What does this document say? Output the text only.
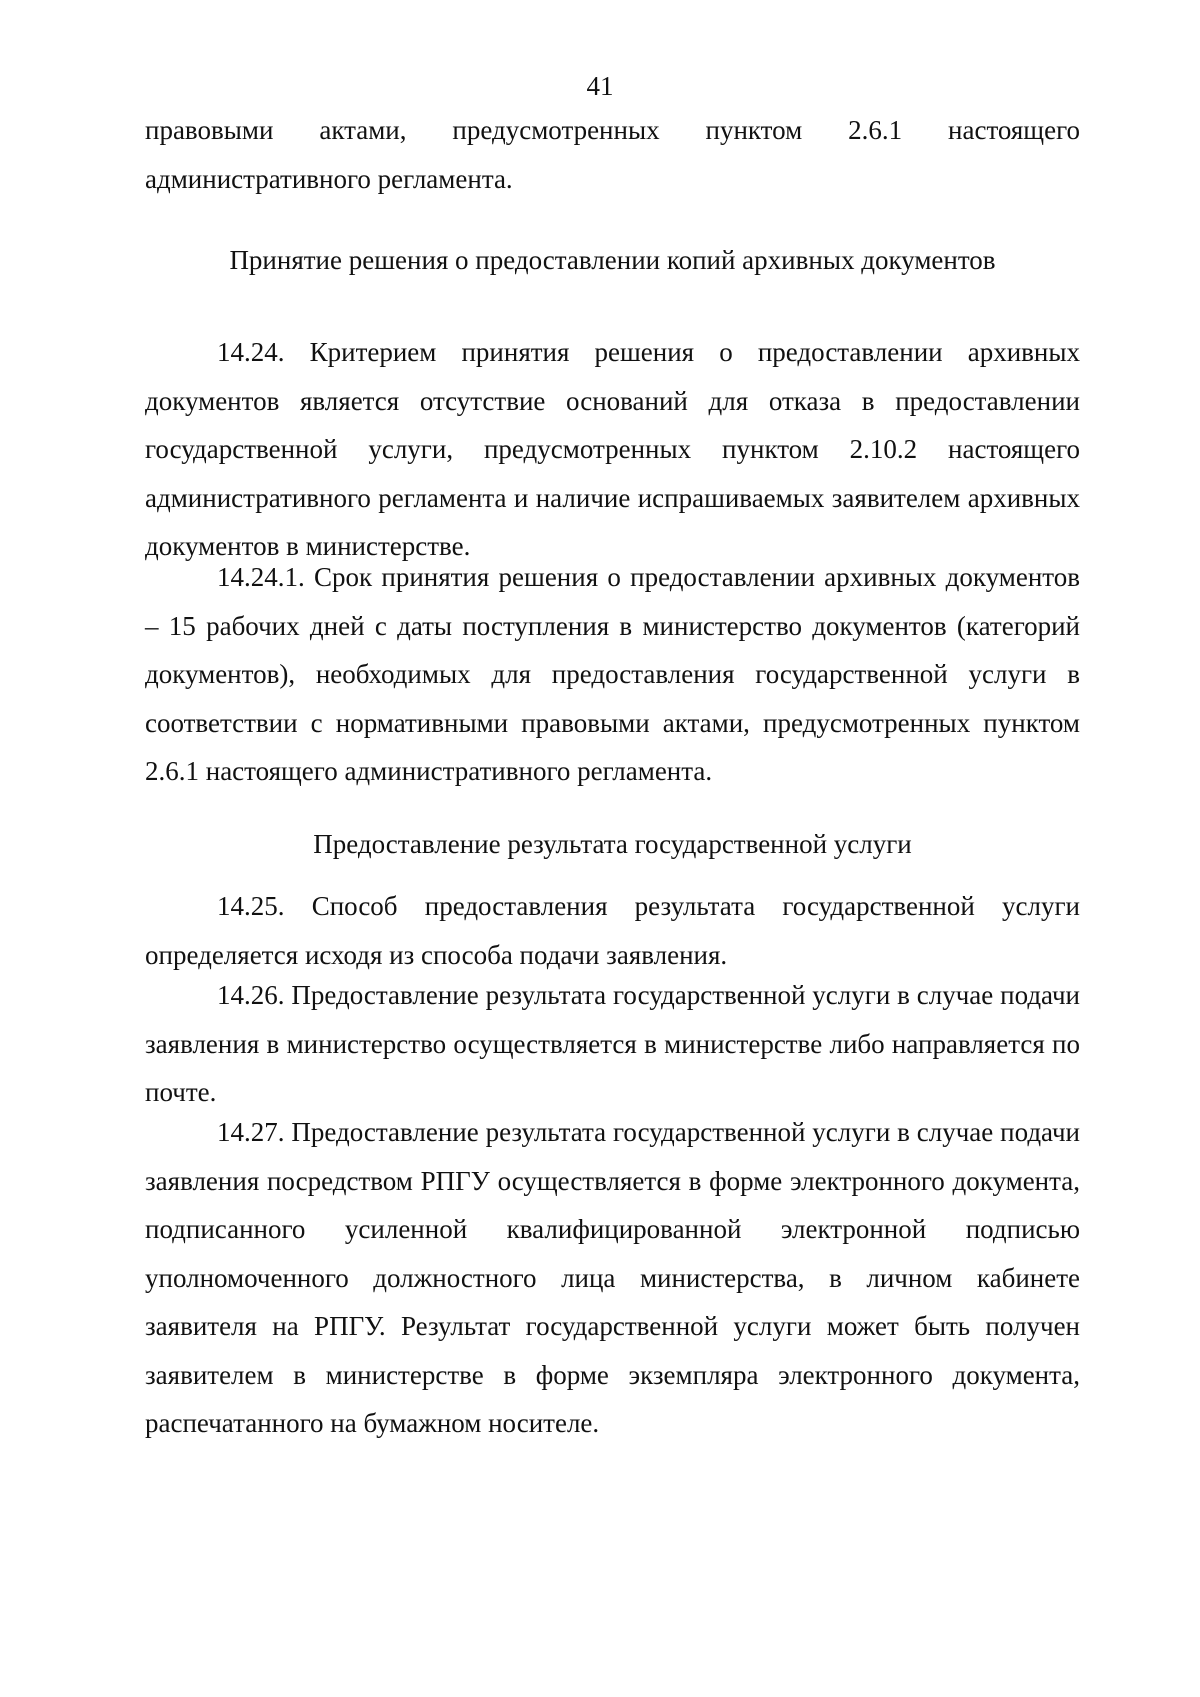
41

правовыми актами, предусмотренных пунктом 2.6.1 настоящего административного регламента.

Принятие решения о предоставлении копий архивных документов

14.24. Критерием принятия решения о предоставлении архивных документов является отсутствие оснований для отказа в предоставлении государственной услуги, предусмотренных пунктом 2.10.2 настоящего административного регламента и наличие испрашиваемых заявителем архивных документов в министерстве.

14.24.1. Срок принятия решения о предоставлении архивных документов – 15 рабочих дней с даты поступления в министерство документов (категорий документов), необходимых для предоставления государственной услуги в соответствии с нормативными правовыми актами, предусмотренных пунктом 2.6.1 настоящего административного регламента.

Предоставление результата государственной услуги

14.25. Способ предоставления результата государственной услуги определяется исходя из способа подачи заявления.

14.26. Предоставление результата государственной услуги в случае подачи заявления в министерство осуществляется в министерстве либо направляется по почте.

14.27. Предоставление результата государственной услуги в случае подачи заявления посредством РПГУ осуществляется в форме электронного документа, подписанного усиленной квалифицированной электронной подписью уполномоченного должностного лица министерства, в личном кабинете заявителя на РПГУ. Результат государственной услуги может быть получен заявителем в министерстве в форме экземпляра электронного документа, распечатанного на бумажном носителе.
